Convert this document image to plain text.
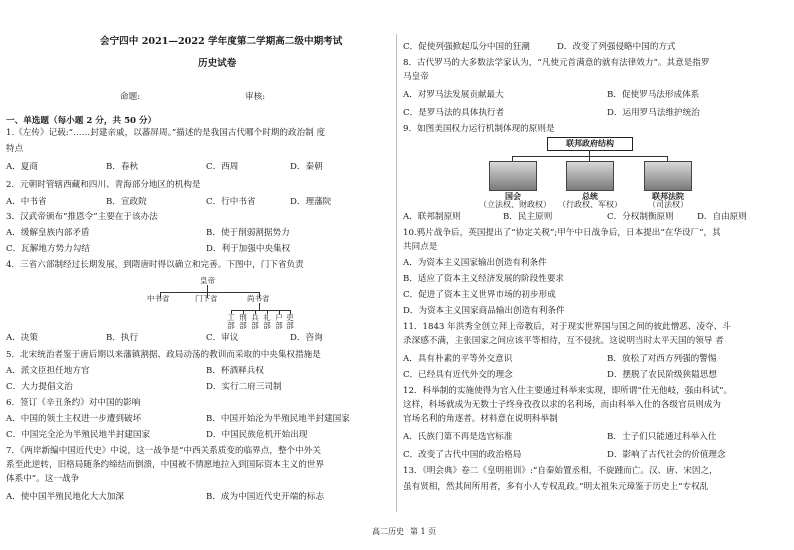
会宁四中 2021—2022 学年度第二学期高二级中期考试
历史试卷
命题:	审核:
一、单选题（每小题 2 分，共 50 分）
1.《左传》记载:“……封建亲戚，以蕃屏周。”描述的是我国古代哪个时期的政治制 度
特点
A．夏商	B．春秋	C．西周	D．秦朝
2．元朝时管辖西藏和四川、青海部分地区的机构是
A．中书省	B．宣政院	C．行中书省	D．理藩院
3．汉武帝颁布“推恩令”主要在于该办法
A．缓解皇族内部矛盾	B．使于削弱割据势力
C．瓦解地方势力勾结	D．利于加强中央集权
4．三省六部制经过长期发展，到隋唐时得以确立和完善。下图中，门下省负责
皇帝
中书省	门下省	尚书省
工部
刑部
兵部
礼部
户部
吏部
A．决策	B．执行	C．审议	D．咨询
5．北宋统治者鉴于唐后期以来藩镇割据、政局动荡的教训而采取的中央集权措施是
A．派文臣担任地方官	B．杯酒释兵权
C．大力提倡文治	D．实行二府三司制
6．签订《辛丑条约》对中国的影响
A．中国的领土主权进一步遭到破坏	B．中国开始沦为半殖民地半封建国家
C．中国完全沦为半殖民地半封建国家	D．中国民族危机开始出现
7．《两岸新编中国近代史》中说，这一战争是“中西关系质变的临界点，整个中外关
系至此逆转，旧格局随条约缔结而倒溃，中国被不情愿地拉入到国际资本主义的世界
体系中”。这一战争
A．使中国半殖民地化大大加深	B．成为中国近代史开端的标志
C．促使列强掀起瓜分中国的狂潮	D．改变了列强侵略中国的方式
8．古代罗马的大多数法学家认为，“凡使元首满意的就有法律效力”。其意是指罗
马皇帝
A．对罗马法发展贡献最大	B．促使罗马法形成体系
C．是罗马法的具体执行者	D．运用罗马法维护统治
9．如图美国权力运行机制体现的原则是
联邦政府结构
国会
（立法权、财政权）
总统
（行政权、军权）
联邦法院
（司法权）
A．联邦制原则	B．民主原则	C．分权制衡原则	D．自由原则
10.鸦片战争后，英国提出了“协定关税”;甲午中日战争后，日本提出“在华设厂”，其
共同点是
A．为资本主义国家输出创造有利条件
B．适应了资本主义经济发展的阶段性要求
C．促进了资本主义世界市场的初步形成
D．为资本主义国家商品输出创造有利条件
11．1843 年洪秀全创立拜上帝教后，对于现实世界国与国之间的彼此憎恶、凌夺、斗
杀深感不满，主张国家之间应该平等相待，互不侵扰。这说明当时太平天国的领导 者
A．具有朴素的平等外交意识	B．放松了对西方列强的警惕
C．已经具有近代外交的理念	D．摆脱了农民阶级狭隘思想
12．科举制的实施使得为官入仕主要通过科举来实现，即所谓“仕无他岐，强由科试”。
这样，科场就成为无数士子终身孜孜以求的名利场，而由科举入仕的各级官员则成为
官场名利的角逐者。材料意在说明科举制
A．氏族门第不再是选官标准	B．士子们只能通过科举入仕
C．改变了古代中国的政治格局	D．影响了古代社会的价值理念
13．《明会典》卷二《皇明祖训》:“自秦始置丞相，不旋踵而亡。汉、唐、宋因之，
虽有贤相，然其间所用者，多有小人专权乱政。”明太祖朱元璋鉴于历史上“专权乱
高二历史 第 1 页
